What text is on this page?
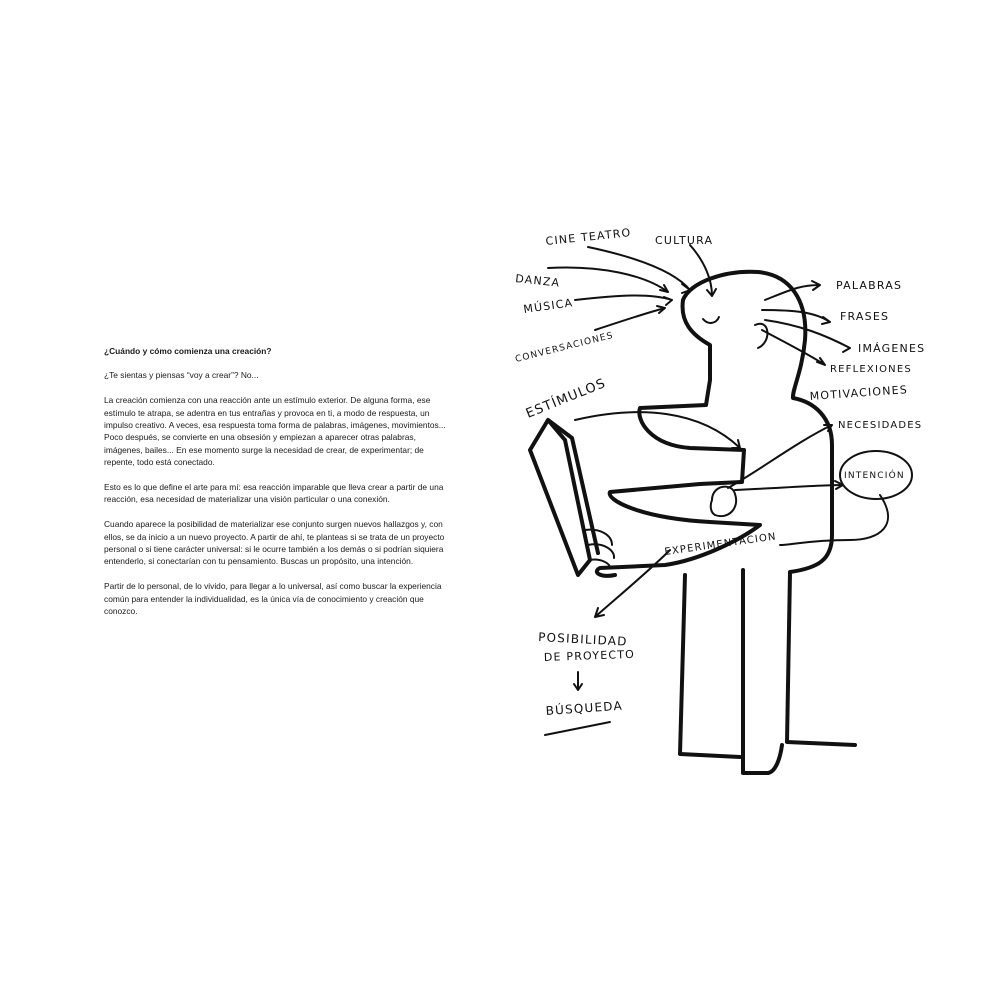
¿Cuándo y cómo comienza una creación?

¿Te sientas y piensas “voy a crear”? No...

La creación comienza con una reacción ante un estímulo exterior. De alguna forma, ese estímulo te atrapa, se adentra en tus entrañas y provoca en ti, a modo de respuesta, un impulso creativo. A veces, esa respuesta toma forma de palabras, imágenes, movimientos... Poco después, se convierte en una obsesión y empiezan a aparecer otras palabras, imágenes, bailes... En ese momento surge la necesidad de crear, de experimentar; de repente, todo está conectado.

Esto es lo que define el arte para mí: esa reacción imparable que lleva crear a partir de una reacción, esa necesidad de materializar una visión particular o una conexión.

Cuando aparece la posibilidad de materializar ese conjunto surgen nuevos hallazgos y, con ellos, se da inicio a un nuevo proyecto. A partir de ahí, te planteas si se trata de un proyecto personal o si tiene carácter universal: si le ocurre también a los demás o si podrían siquiera entenderlo, si conectarían con tu pensamiento. Buscas un propósito, una intención.

Partir de lo personal, de lo vivido, para llegar a lo universal, así como buscar la experiencia común para entender la individualidad, es la única vía de conocimiento y creación que conozco.

CINE TEATRO CULTURA
DANZA
MÚSICA
CONVERSACIONES
ESTÍMULOS
PALABRAS
FRASES
IMÁGENES
REFLEXIONES
MOTIVACIONES
NECESIDADES
INTENCIÓN
EXPERIMENTACION
POSIBILIDAD
DE PROYECTO
BÚSQUEDA
